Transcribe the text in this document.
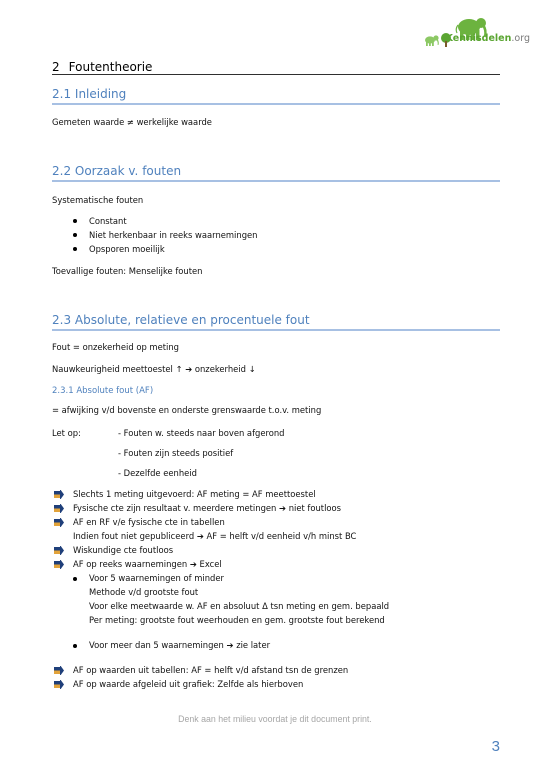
Kennisdelen.org
2 Foutentheorie
2.1 Inleiding
Gemeten waarde ≠ werkelijke waarde
2.2 Oorzaak v. fouten
Systematische fouten
Constant
Niet herkenbaar in reeks waarnemingen
Opsporen moeilijk
Toevallige fouten: Menselijke fouten
2.3 Absolute, relatieve en procentuele fout
Fout = onzekerheid op meting
Nauwkeurigheid meettoestel ↑ ➔ onzekerheid ↓
2.3.1 Absolute fout (AF)
= afwijking v/d bovenste en onderste grenswaarde t.o.v. meting
Let op:	- Fouten w. steeds naar boven afgerond
- Fouten zijn steeds positief
- Dezelfde eenheid
Slechts 1 meting uitgevoerd: AF meting = AF meettoestel
Fysische cte zijn resultaat v. meerdere metingen ➔ niet foutloos
AF en RF v/e fysische cte in tabellen
Indien fout niet gepubliceerd ➔ AF = helft v/d eenheid v/h minst BC
Wiskundige cte foutloos
AF op reeks waarnemingen ➔ Excel
Voor 5 waarnemingen of minder
Methode v/d grootste fout
Voor elke meetwaarde w. AF en absoluut Δ tsn meting en gem. bepaald
Per meting: grootste fout weerhouden en gem. grootste fout berekend
Voor meer dan 5 waarnemingen ➔ zie later
AF op waarden uit tabellen: AF = helft v/d afstand tsn de grenzen
AF op waarde afgeleid uit grafiek: Zelfde als hierboven
Denk aan het milieu voordat je dit document print.
3
